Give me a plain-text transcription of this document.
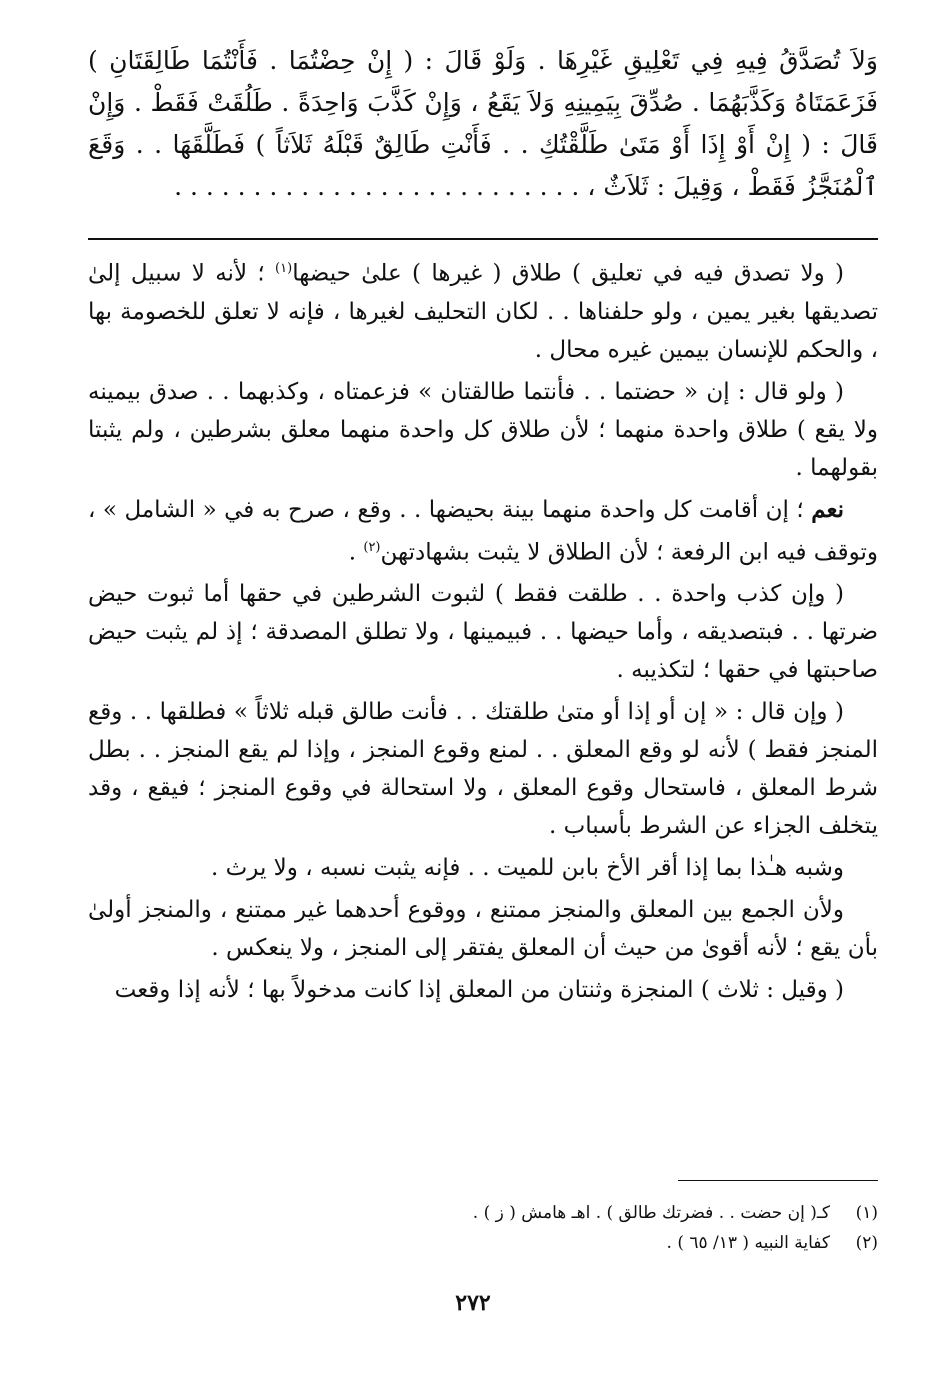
وَلاَ تُصَدَّقُ فِيهِ فِي تَعْلِيقِ غَيْرِهَا . وَلَوْ قَالَ : ( إِنْ حِضْتُمَا . فَأَنْتُمَا طَالِقَتَانِ ) فَزَعَمَتَاهُ وَكَذَّبَهُمَا . صُدِّقَ بِيَمِينِهِ وَلاَ يَقَعُ ، وَإِنْ كَذَّبَ وَاحِدَةً . طَلُقَتْ فَقَطْ . وَإِنْ قَالَ : ( إِنْ أَوْ إِذَا أَوْ مَتَىٰ طَلَّقْتُكِ . . فَأَنْتِ طَالِقٌ قَبْلَهُ ثَلاَثاً ) فَطَلَّقَهَا . . وَقَعَ ٱلْمُنَجَّزُ فَقَطْ ، وَقِيلَ : ثَلاَثٌ ، . . . . . . . . . . . . . . . . . . . . . . . . . .

( ولا تصدق فيه في تعليق ) طلاق ( غيرها ) علىٰ حيضها$^{(١)}$ ؛ لأنه لا سبيل إلىٰ تصديقها بغير يمين ، ولو حلفناها . . لكان التحليف لغيرها ، فإنه لا تعلق للخصومة بها ، والحكم للإنسان بيمين غيره محال .

( ولو قال : إن « حضتما . . فأنتما طالقتان » فزعمتاه ، وكذبهما . . صدق بيمينه ولا يقع ) طلاق واحدة منهما ؛ لأن طلاق كل واحدة منهما معلق بشرطين ، ولم يثبتا بقولهما .

نعم ؛ إن أقامت كل واحدة منهما بينة بحيضها . . وقع ، صرح به في « الشامل » ، وتوقف فيه ابن الرفعة ؛ لأن الطلاق لا يثبت بشهادتهن$^{(٢)}$ .

( وإن كذب واحدة . . طلقت فقط ) لثبوت الشرطين في حقها أما ثبوت حيض ضرتها . . فبتصديقه ، وأما حيضها . . فبيمينها ، ولا تطلق المصدقة ؛ إذ لم يثبت حيض صاحبتها في حقها ؛ لتكذيبه .

( وإن قال : « إن أو إذا أو متىٰ طلقتك . . فأنت طالق قبله ثلاثاً » فطلقها . . وقع المنجز فقط ) لأنه لو وقع المعلق . . لمنع وقوع المنجز ، وإذا لم يقع المنجز . . بطل شرط المعلق ، فاستحال وقوع المعلق ، ولا استحالة في وقوع المنجز ؛ فيقع ، وقد يتخلف الجزاء عن الشرط بأسباب .

وشبه هـٰذا بما إذا أقر الأخ بابن للميت . . فإنه يثبت نسبه ، ولا يرث .

ولأن الجمع بين المعلق والمنجز ممتنع ، ووقوع أحدهما غير ممتنع ، والمنجز أولىٰ بأن يقع ؛ لأنه أقوىٰ من حيث أن المعلق يفتقر إلى المنجز ، ولا ينعكس .

( وقيل : ثلاث ) المنجزة وثنتان من المعلق إذا كانت مدخولاً بها ؛ لأنه إذا وقعت

(١)
كـ( إن حضت . . فضرتك طالق ) . اهـ هامش ( ز ) .
(٢)
كفاية النبيه ( ١٣/ ٦٥ ) .
٢٧٢
